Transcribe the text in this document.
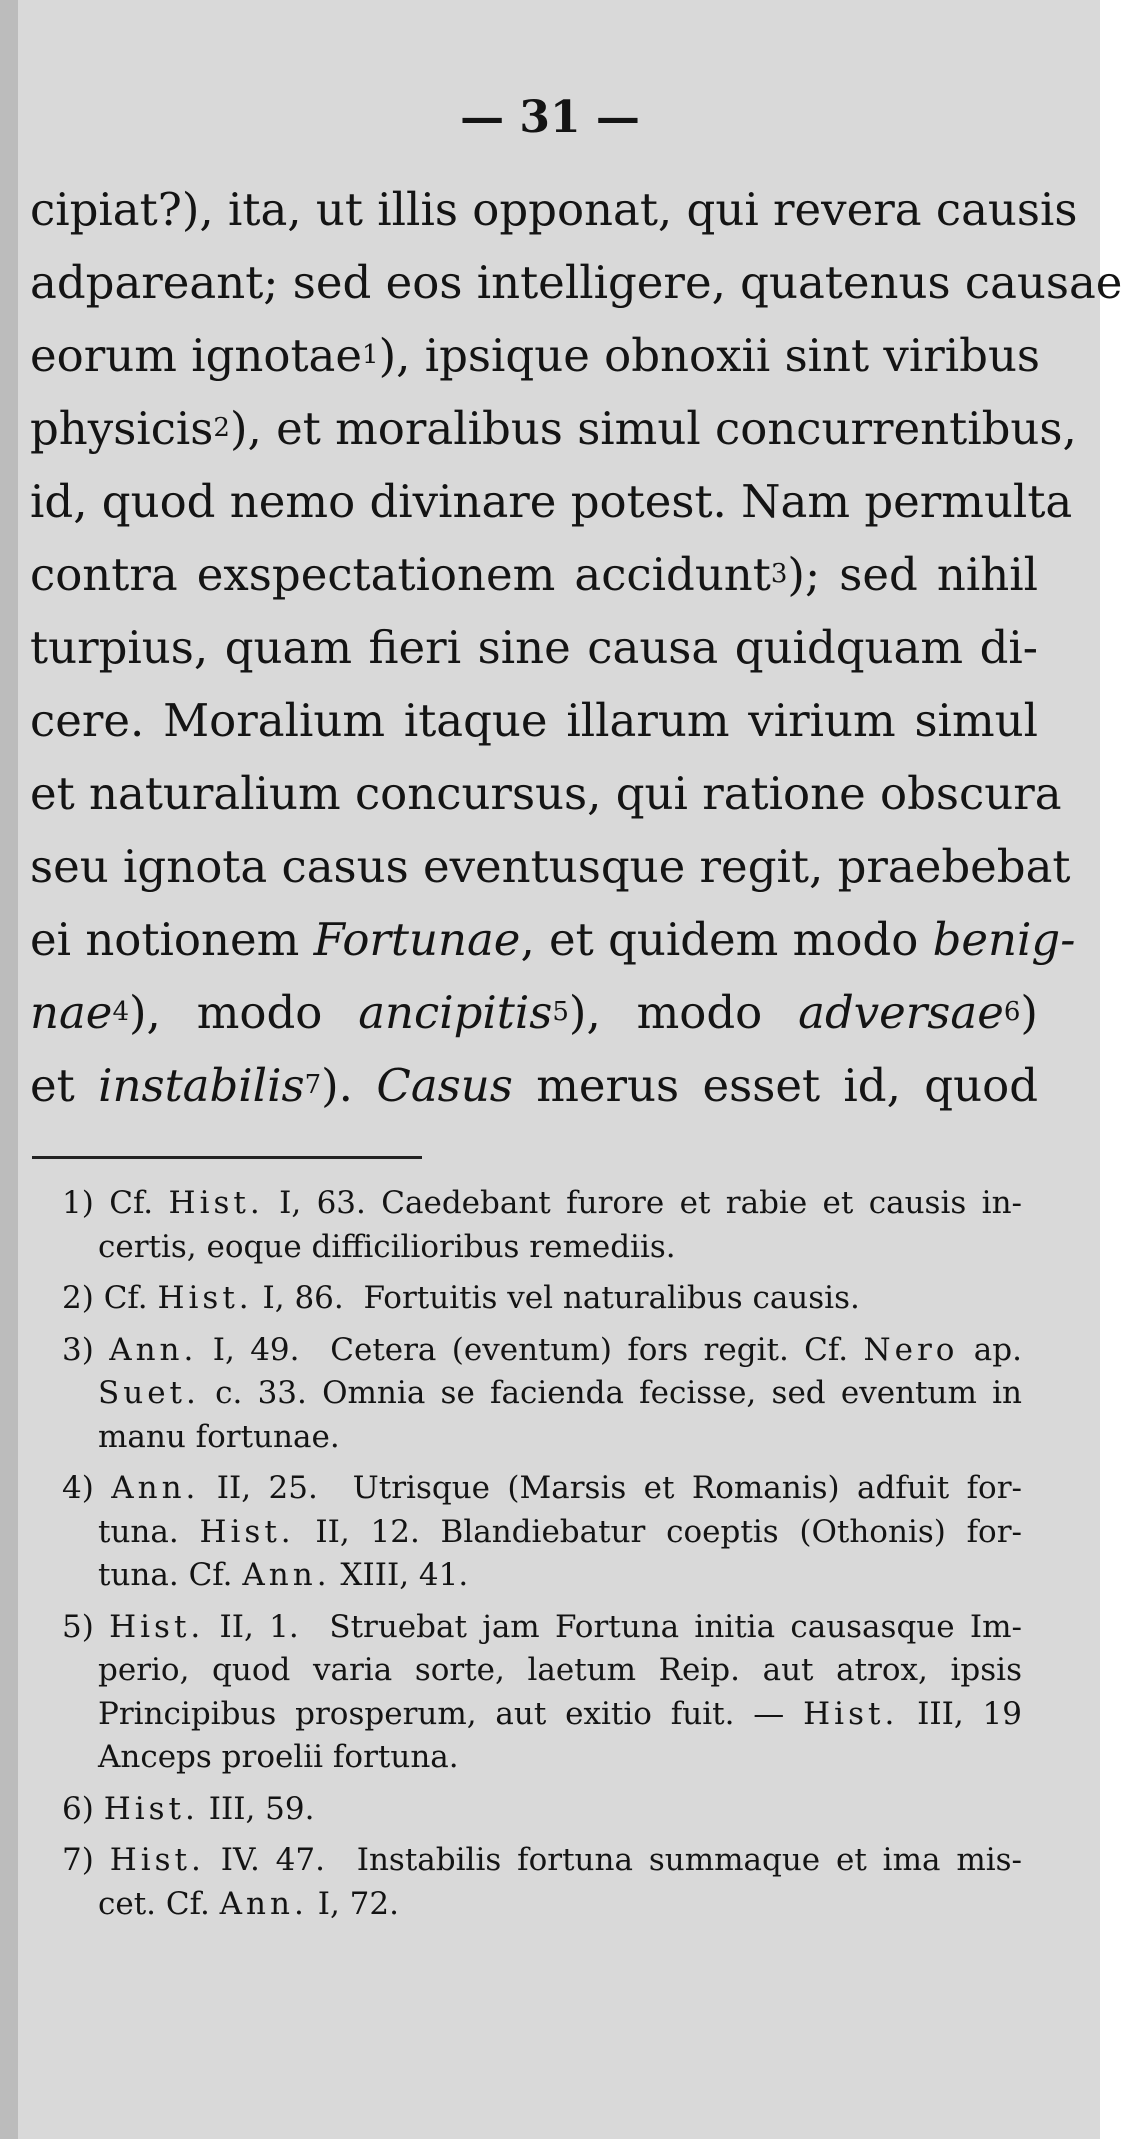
— 31 —
cipiat?), ita, ut illis opponat, qui revera causis
adpareant; sed eos intelligere, quatenus causae
eorum ignotae$^1$), ipsique obnoxii sint viribus
physicis$^2$), et moralibus simul concurrentibus,
id, quod nemo divinare potest. Nam permulta
contra exspectationem accidunt$^3$); sed nihil
turpius, quam fieri sine causa quidquam di-
cere. Moralium itaque illarum virium simul
et naturalium concursus, qui ratione obscura
seu ignota casus eventusque regit, praebebat
ei notionem Fortunae, et quidem modo benig-
nae$^4$), modo ancipitis$^5$), modo adversae$^6$)
et instabilis$^7$). Casus merus esset id, quod
1) Cf. Hist. I, 63. Caedebant furore et rabie et causis in-
certis, eoque difficilioribus remediis.
2) Cf. Hist. I, 86. Fortuitis vel naturalibus causis.
3) Ann. I, 49. Cetera (eventum) fors regit. Cf. Nero ap.
Suet. c. 33. Omnia se facienda fecisse, sed eventum in
manu fortunae.
4) Ann. II, 25. Utrisque (Marsis et Romanis) adfuit for-
tuna. Hist. II, 12. Blandiebatur coeptis (Othonis) for-
tuna. Cf. Ann. XIII, 41.
5) Hist. II, 1. Struebat jam Fortuna initia causasque Im-
perio, quod varia sorte, laetum Reip. aut atrox, ipsis
Principibus prosperum, aut exitio fuit. — Hist. III, 19
Anceps proelii fortuna.
6) Hist. III, 59.
7) Hist. IV. 47. Instabilis fortuna summaque et ima mis-
cet. Cf. Ann. I, 72.
